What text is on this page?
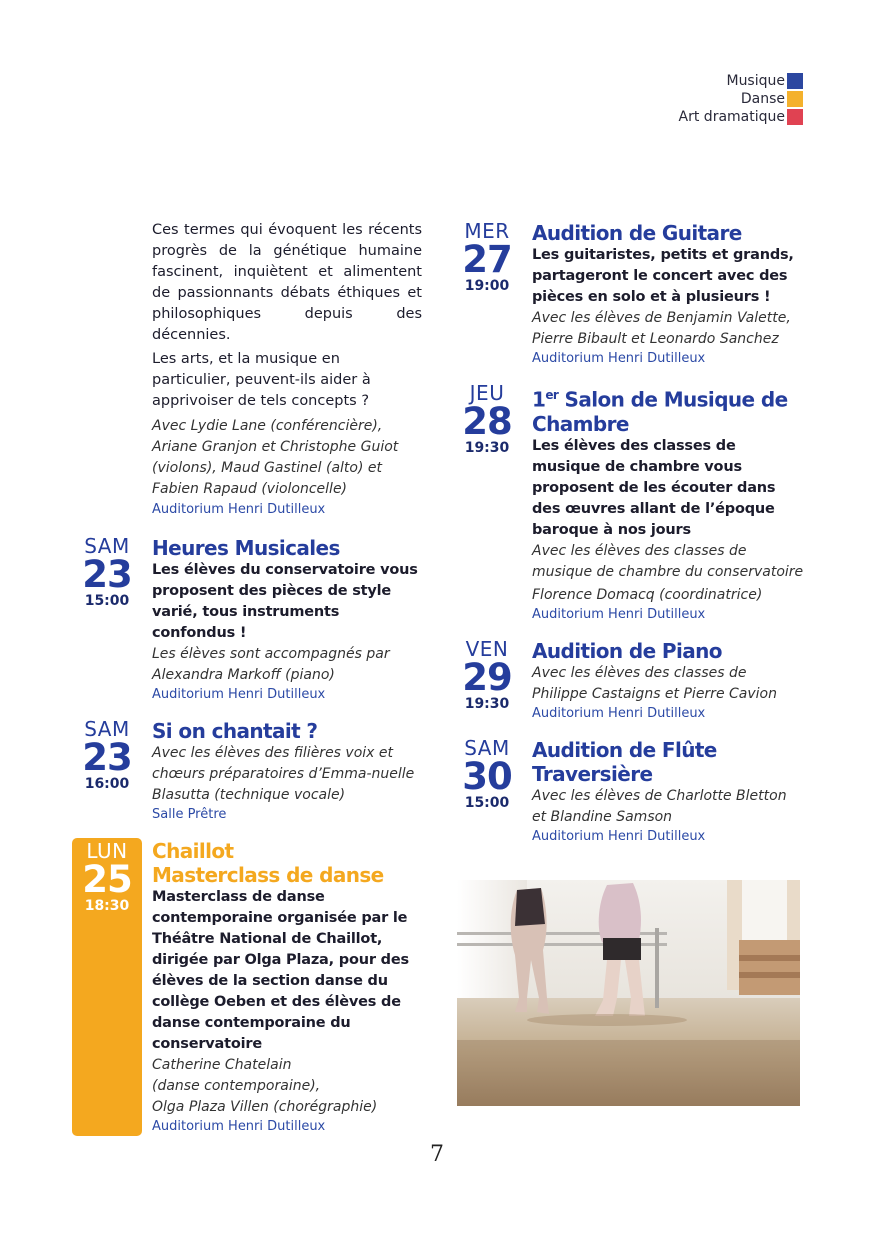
Musique
Danse
Art dramatique

Ces termes qui évoquent les récents progrès de la génétique humaine fascinent, inquiètent et alimentent de passionnants débats éthiques et philosophiques depuis des décennies.

Les arts, et la musique en particulier, peuvent-ils aider à apprivoiser de tels concepts ?

Avec Lydie Lane (conférencière), Ariane Granjon et Christophe Guiot (violons), Maud Gastinel (alto) et Fabien Rapaud (violoncelle)

Auditorium Henri Dutilleux

SAM
23
15:00
Heures Musicales

Les élèves du conservatoire vous proposent des pièces de style varié, tous instruments confondus !

Les élèves sont accompagnés par Alexandra Markoff (piano)

Auditorium Henri Dutilleux

SAM
23
16:00
Si on chantait ?

Avec les élèves des filières voix et chœurs préparatoires d’Emma-nuelle Blasutta (technique vocale)

Salle Prêtre

LUN
25
18:30
Chaillot
Masterclass de danse

Masterclass de danse contemporaine organisée par le Théâtre National de Chaillot, dirigée par Olga Plaza, pour des élèves de la section danse du collège Oeben et des élèves de danse contemporaine du conservatoire

Catherine Chatelain
(danse contemporaine),
Olga Plaza Villen (chorégraphie)

Auditorium Henri Dutilleux

MER
27
19:00
Audition de Guitare

Les guitaristes, petits et grands, partageront le concert avec des pièces en solo et à plusieurs !

Avec les élèves de Benjamin Valette, Pierre Bibault et Leonardo Sanchez

Auditorium Henri Dutilleux

JEU
28
19:30
1er Salon de Musique de Chambre

Les élèves des classes de musique de chambre vous proposent de les écouter dans des œuvres allant de l’époque baroque à nos jours

Avec les élèves des classes de musique de chambre du conservatoire

Florence Domacq (coordinatrice)

Auditorium Henri Dutilleux

VEN
29
19:30
Audition de Piano

Avec les élèves des classes de Philippe Castaigns et Pierre Cavion

Auditorium Henri Dutilleux

SAM
30
15:00
Audition de Flûte
Traversière

Avec les élèves de Charlotte Bletton et Blandine Samson

Auditorium Henri Dutilleux

7
